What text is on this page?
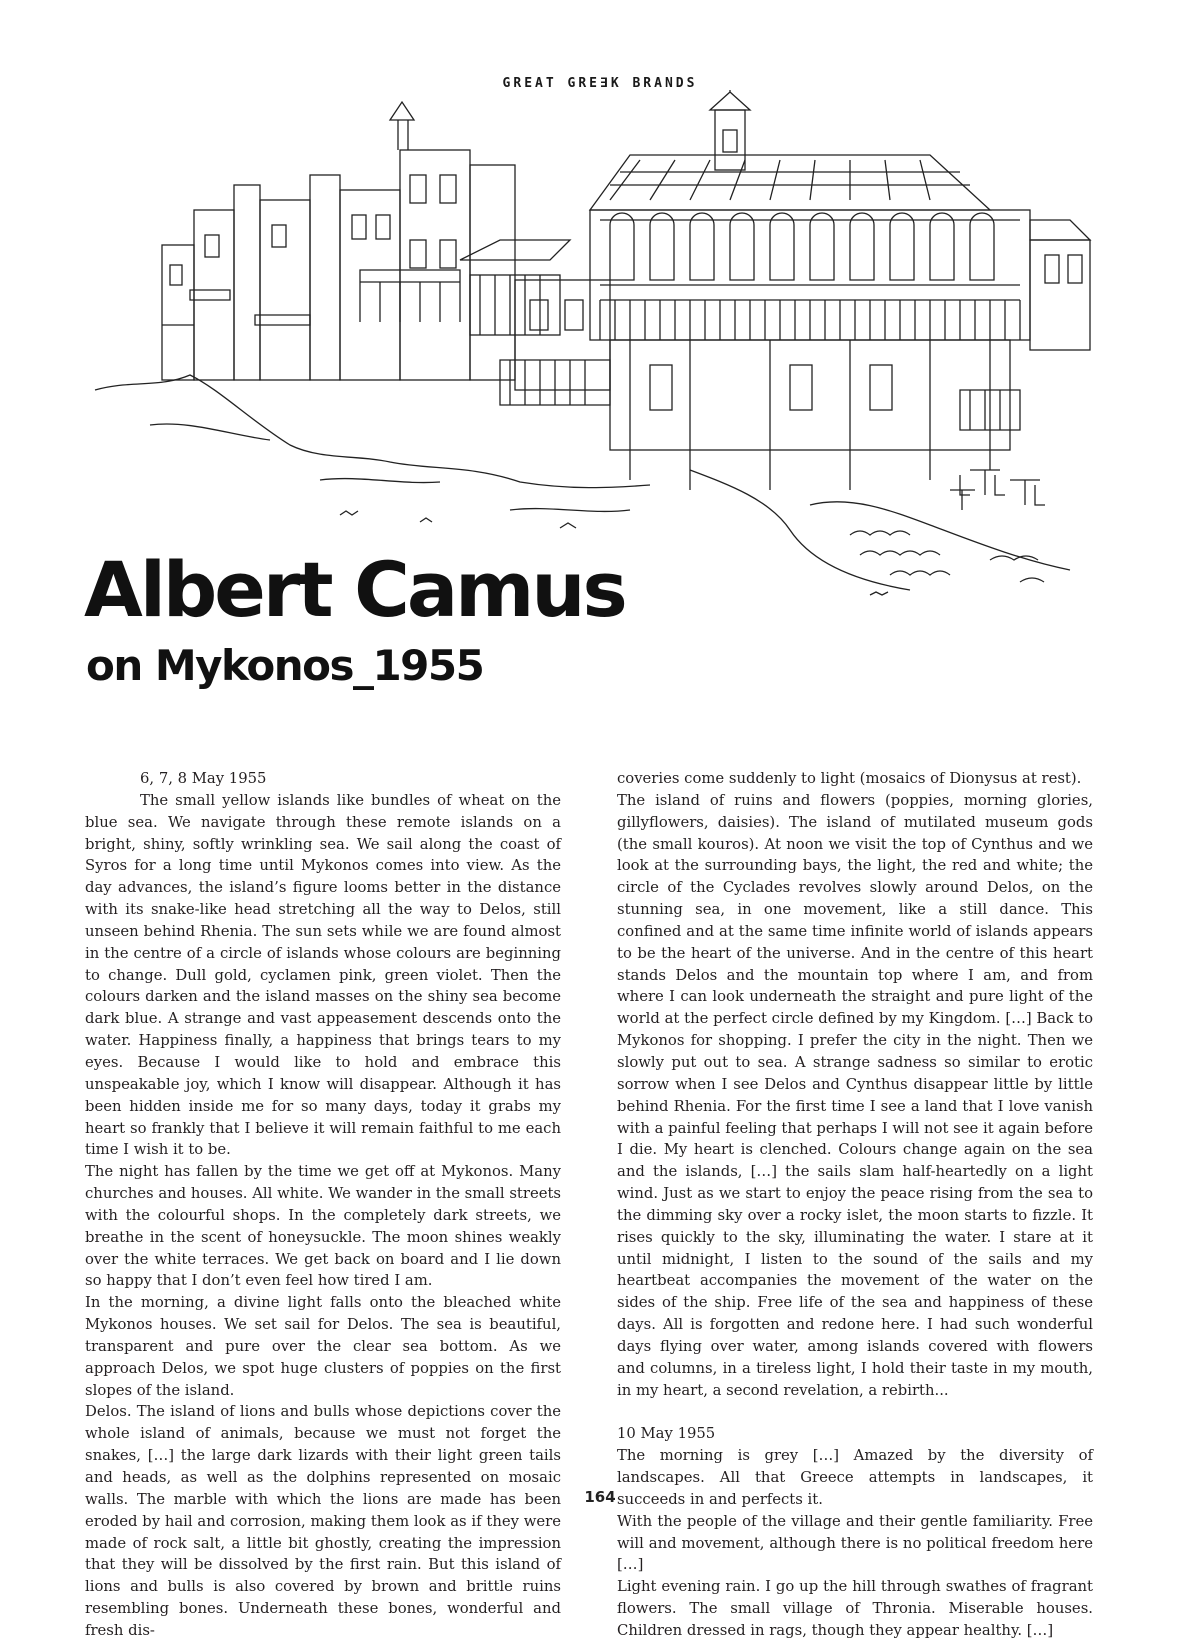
GREAT GRE∃K BRANDS
Albert Camus
on Mykonos_1955

6, 7, 8 May 1955

The small yellow islands like bundles of wheat on the blue sea. We navigate through these remote islands on a bright, shiny, softly wrinkling sea. We sail along the coast of Syros for a long time until Mykonos comes into view. As the day advances, the island’s figure looms better in the distance with its snake-like head stretching all the way to Delos, still unseen behind Rhenia. The sun sets while we are found almost in the centre of a circle of islands whose colours are beginning to change. Dull gold, cyclamen pink, green violet. Then the colours darken and the island masses on the shiny sea become dark blue. A strange and vast appeasement descends onto the water. Happiness finally, a happiness that brings tears to my eyes. Because I would like to hold and embrace this unspeakable joy, which I know will disappear. Although it has been hidden inside me for so many days, today it grabs my heart so frankly that I believe it will remain faithful to me each time I wish it to be.

The night has fallen by the time we get off at Mykonos. Many churches and houses. All white. We wander in the small streets with the colourful shops. In the completely dark streets, we breathe in the scent of honeysuckle. The moon shines weakly over the white terraces. We get back on board and I lie down so happy that I don’t even feel how tired I am.

In the morning, a divine light falls onto the bleached white Mykonos houses. We set sail for Delos. The sea is beautiful, transparent and pure over the clear sea bottom. As we approach Delos, we spot huge clusters of poppies on the first slopes of the island.

Delos. The island of lions and bulls whose depictions cover the whole island of animals, because we must not forget the snakes, […] the large dark lizards with their light green tails and heads, as well as the dolphins represented on mosaic walls. The marble with which the lions are made has been eroded by hail and corrosion, making them look as if they were made of rock salt, a little bit ghostly, creating the impression that they will be dissolved by the first rain. But this island of lions and bulls is also covered by brown and brittle ruins resembling bones. Underneath these bones, wonderful and fresh dis-

coveries come suddenly to light (mosaics of Dionysus at rest).

The island of ruins and flowers (poppies, morning glories, gillyflowers, daisies). The island of mutilated museum gods (the small kouros). At noon we visit the top of Cynthus and we look at the surrounding bays, the light, the red and white; the circle of the Cyclades revolves slowly around Delos, on the stunning sea, in one movement, like a still dance. This confined and at the same time infinite world of islands appears to be the heart of the universe. And in the centre of this heart stands Delos and the mountain top where I am, and from where I can look underneath the straight and pure light of the world at the perfect circle defined by my Kingdom. […] Back to Mykonos for shopping. I prefer the city in the night. Then we slowly put out to sea. A strange sadness so similar to erotic sorrow when I see Delos and Cynthus disappear little by little behind Rhenia. For the first time I see a land that I love vanish with a painful feeling that perhaps I will not see it again before I die. My heart is clenched. Colours change again on the sea and the islands, […] the sails slam half-heartedly on a light wind. Just as we start to enjoy the peace rising from the sea to the dimming sky over a rocky islet, the moon starts to fizzle. It rises quickly to the sky, illuminating the water. I stare at it until midnight, I listen to the sound of the sails and my heartbeat accompanies the movement of the water on the sides of the ship. Free life of the sea and happiness of these days. All is forgotten and redone here. I had such wonderful days flying over water, among islands covered with flowers and columns, in a tireless light, I hold their taste in my mouth, in my heart, a second revelation, a rebirth...

10 May 1955

The morning is grey […] Amazed by the diversity of landscapes. All that Greece attempts in landscapes, it succeeds in and perfects it.

With the people of the village and their gentle familiarity. Free will and movement, although there is no political freedom here […]

Light evening rain. I go up the hill through swathes of fragrant flowers. The small village of Thronia. Miserable houses. Children dressed in rags, though they appear healthy. […]

164
